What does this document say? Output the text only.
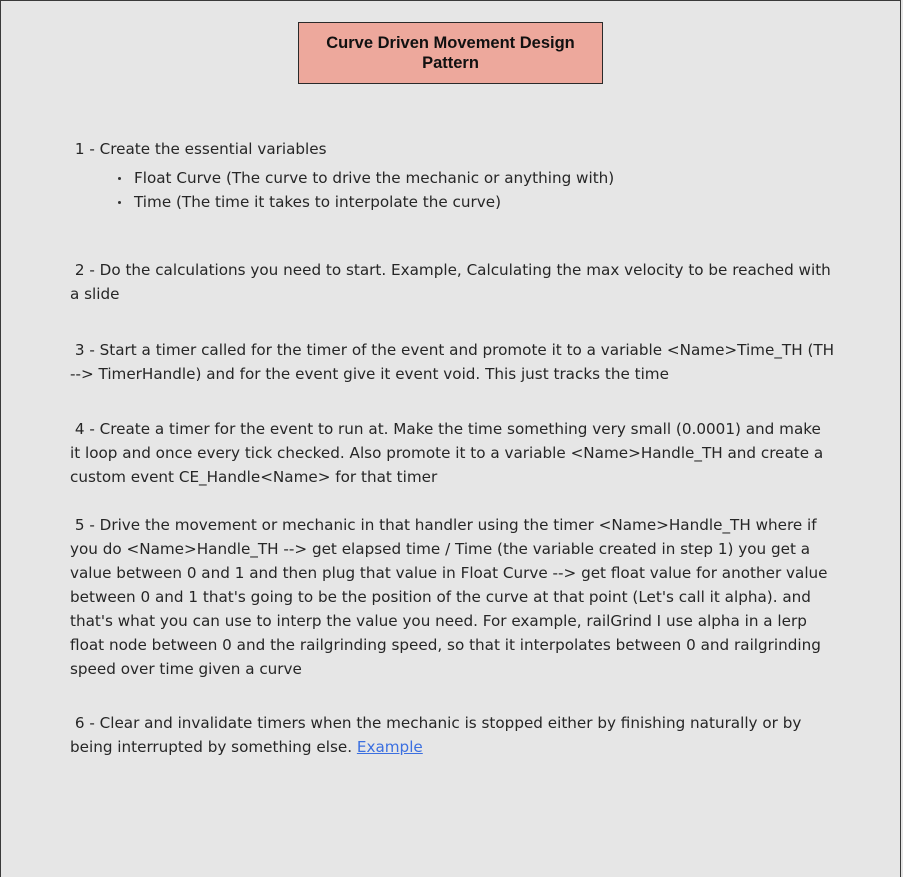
Curve Driven Movement Design Pattern
1 - Create the essential variables
Float Curve (The curve to drive the mechanic or anything with)
Time (The time it takes to interpolate the curve)
2 - Do the calculations you need to start. Example, Calculating the max velocity to be reached with a slide
3 - Start a timer called for the timer of the event and promote it to a variable <Name>Time_TH (TH --> TimerHandle) and for the event give it event void. This just tracks the time
4 - Create a timer for the event to run at. Make the time something very small (0.0001) and make it loop and once every tick checked. Also promote it to a variable <Name>Handle_TH and create a custom event CE_Handle<Name> for that timer
5 - Drive the movement or mechanic in that handler using the timer <Name>Handle_TH where if you do <Name>Handle_TH --> get elapsed time / Time (the variable created in step 1) you get a value between 0 and 1 and then plug that value in Float Curve --> get float value for another value between 0 and 1 that's going to be the position of the curve at that point (Let's call it alpha). and that's what you can use to interp the value you need. For example, railGrind I use alpha in a lerp float node between 0 and the railgrinding speed, so that it interpolates between 0 and railgrinding speed over time given a curve
6 - Clear and invalidate timers when the mechanic is stopped either by finishing naturally or by being interrupted by something else. Example
